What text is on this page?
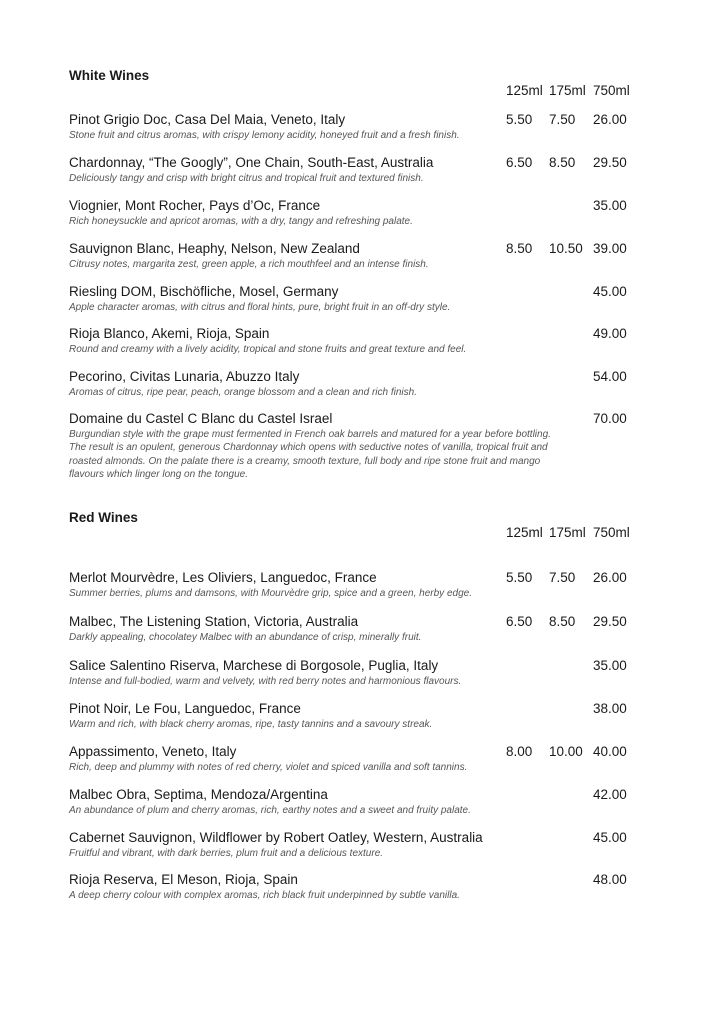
White Wines
125ml 175ml 750ml
Pinot Grigio Doc, Casa Del Maia, Veneto, Italy
Stone fruit and citrus aromas, with crispy lemony acidity, honeyed fruit and a fresh finish.
5.50 7.50 26.00
Chardonnay, “The Googly”, One Chain, South-East, Australia
Deliciously tangy and crisp with bright citrus and tropical fruit and textured finish.
6.50 8.50 29.50
Viognier, Mont Rocher, Pays d’Oc, France
Rich honeysuckle and apricot aromas, with a dry, tangy and refreshing palate.
35.00
Sauvignon Blanc, Heaphy, Nelson, New Zealand
Citrusy notes, margarita zest, green apple, a rich mouthfeel and an intense finish.
8.50 10.50 39.00
Riesling DOM, Bischöfliche, Mosel, Germany
Apple character aromas, with citrus and floral hints, pure, bright fruit in an off-dry style.
45.00
Rioja Blanco, Akemi, Rioja, Spain
Round and creamy with a lively acidity, tropical and stone fruits and great texture and feel.
49.00
Pecorino, Civitas Lunaria, Abuzzo Italy
Aromas of citrus, ripe pear, peach, orange blossom and a clean and rich finish.
54.00
Domaine du Castel C Blanc du Castel Israel
Burgundian style with the grape must fermented in French oak barrels and matured for a year before bottling. The result is an opulent, generous Chardonnay which opens with seductive notes of vanilla, tropical fruit and roasted almonds. On the palate there is a creamy, smooth texture, full body and ripe stone fruit and mango flavours which linger long on the tongue.
70.00
Red Wines
125ml 175ml 750ml
Merlot Mourvèdre, Les Oliviers, Languedoc, France
Summer berries, plums and damsons, with Mourvèdre grip, spice and a green, herby edge.
5.50 7.50 26.00
Malbec, The Listening Station, Victoria, Australia
Darkly appealing, chocolatey Malbec with an abundance of crisp, minerally fruit.
6.50 8.50 29.50
Salice Salentino Riserva, Marchese di Borgosole, Puglia, Italy
Intense and full-bodied, warm and velvety, with red berry notes and harmonious flavours.
35.00
Pinot Noir, Le Fou, Languedoc, France
Warm and rich, with black cherry aromas, ripe, tasty tannins and a savoury streak.
38.00
Appassimento, Veneto, Italy
Rich, deep and plummy with notes of red cherry, violet and spiced vanilla and soft tannins.
8.00 10.00 40.00
Malbec Obra, Septima, Mendoza/Argentina
An abundance of plum and cherry aromas, rich, earthy notes and a sweet and fruity palate.
42.00
Cabernet Sauvignon, Wildflower by Robert Oatley, Western, Australia
Fruitful and vibrant, with dark berries, plum fruit and a delicious texture.
45.00
Rioja Reserva, El Meson, Rioja, Spain
A deep cherry colour with complex aromas, rich black fruit underpinned by subtle vanilla.
48.00
